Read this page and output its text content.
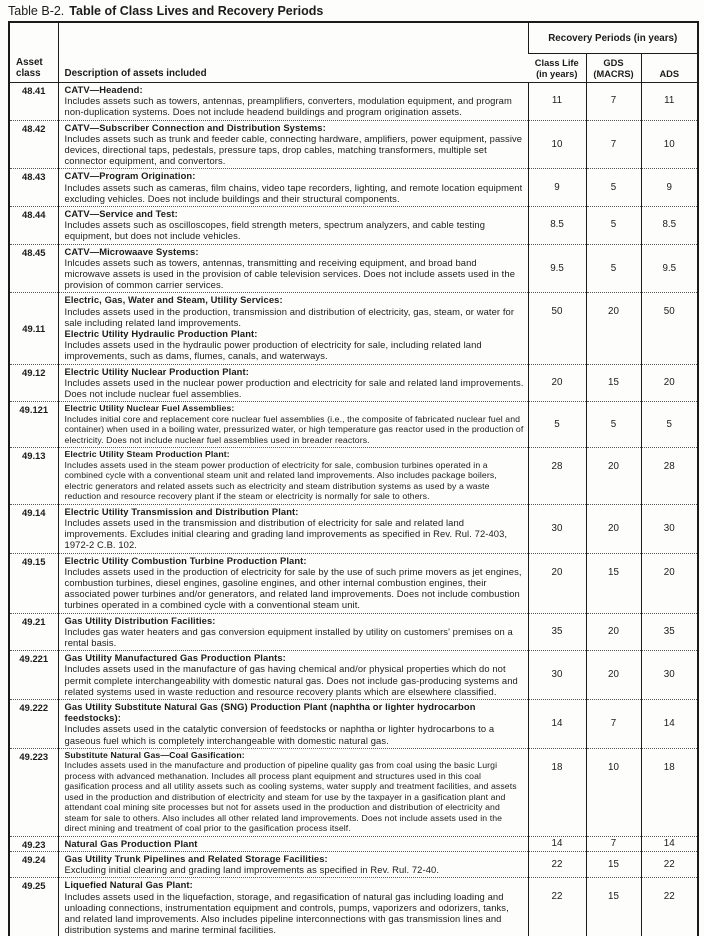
Table B-2. Table of Class Lives and Recovery Periods
Asset class	Description of assets included	Recovery Periods (in years)		
		Class Life (in years)	GDS (MACRS)	ADS
48.41	CATV—Headend:
Includes assets such as towers, antennas, preamplifiers, converters, modulation equipment, and program non-duplication systems. Does not include headend buildings and program origination assets.	11	7	11
48.42	CATV—Subscriber Connection and Distribution Systems:
Includes assets such as trunk and feeder cable, connecting hardware, amplifiers, power equipment, passive devices, directional taps, pedestals, pressure taps, drop cables, matching transformers, multiple set connector equipment, and convertors.	10	7	10
48.43	CATV—Program Origination:
Includes assets such as cameras, film chains, video tape recorders, lighting, and remote location equipment excluding vehicles. Does not include buildings and their structural components.	9	5	9
48.44	CATV—Service and Test:
Includes assets such as oscilloscopes, field strength meters, spectrum analyzers, and cable testing equipment, but does not include vehicles.	8.5	5	8.5
48.45	CATV—Microwaave Systems:
Inlcudes assets such as towers, antennas, transmitting and receiving equipment, and broad band microwave assets is used in the provision of cable television services. Does not include assets used in the provision of common carrier services.	9.5	5	9.5
49.11	Electric, Gas, Water and Steam, Utility Services:
Includes assets used in the production, transmission and distribution of electricity, gas, steam, or water for sale including related land improvements.
Electric Utility Hydraulic Production Plant:
Includes assets used in the hydraulic power production of electricity for sale, including related land improvements, such as dams, flumes, canals, and waterways.	50	20	50
49.12	Electric Utility Nuclear Production Plant:
Includes assets used in the nuclear power production and electricity for sale and related land improvements. Does not include nuclear fuel assemblies.	20	15	20
49.121	Electric Utility Nuclear Fuel Assemblies:
Includes initial core and replacement core nuclear fuel assemblies (i.e., the composite of fabricated nuclear fuel and container) when used in a boiling water, pressurized water, or high temperature gas reactor used in the production of electricity. Does not include nuclear fuel assemblies used in breader reactors.	5	5	5
49.13	Electric Utility Steam Production Plant:
Includes assets used in the steam power production of electricity for sale, combusion turbines operated in a combined cycle with a conventional steam unit and related land improvements. Also includes package boilers, electric generators and related assets such as electricity and steam distribution systems as used by a waste reduction and resource recovery plant if the steam or electricity is normally for sale to others.	28	20	28
49.14	Electric Utility Transmission and Distribution Plant:
Includes assets used in the transmission and distribution of electricity for sale and related land improvements. Excludes initial clearing and grading land improvements as specified in Rev. Rul. 72-403, 1972-2 C.B. 102.	30	20	30
49.15	Electric Utility Combustion Turbine Production Plant:
Includes assets used in the production of electricity for sale by the use of such prime movers as jet engines, combustion turbines, diesel engines, gasoline engines, and other internal combustion engines, their associated power turbines and/or generators, and related land improvements. Does not include combustion turbines operated in a combined cycle with a conventional steam unit.	20	15	20
49.21	Gas Utility Distribution Facilities:
Includes gas water heaters and gas conversion equipment installed by utility on customers' premises on a rental basis.	35	20	35
49.221	Gas Utility Manufactured Gas Production Plants:
Includes assets used in the manufacture of gas having chemical and/or physical properties which do not permit complete interchangeability with domestic natural gas. Does not include gas-producing systems and related systems used in waste reduction and resource recovery plants which are elsewhere classified.	30	20	30
49.222	Gas Utility Substitute Natural Gas (SNG) Production Plant (naphtha or lighter hydrocarbon feedstocks):
Includes assets used in the catalytic conversion of feedstocks or naphtha or lighter hydrocarbons to a gaseous fuel which is completely interchangeable with domestic natural gas.	14	7	14
49.223	Substitute Natural Gas—Coal Gasification:
Includes assets used in the manufacture and production of pipeline quality gas from coal using the basic Lurgi process with advanced methanation. Includes all process plant equipment and structures used in this coal gasification process and all utility assets such as cooling systems, water supply and treatment facilities, and assets used in the production and distribution of electricity and steam for use by the taxpayer in a gasification plant and attendant coal mining site processes but not for assets used in the production and distribution of electricity and steam for sale to others. Also includes all other related land improvements. Does not include assets used in the direct mining and treatment of coal prior to the gasification process itself.	18	10	18
49.23	Natural Gas Production Plant	14	7	14
49.24	Gas Utility Trunk Pipelines and Related Storage Facilities:
Excluding initial clearing and grading land improvements as specified in Rev. Rul. 72-40.	22	15	22
49.25	Liquefied Natural Gas Plant:
Includes assets used in the liquefaction, storage, and regasification of natural gas including loading and unloading connections, instrumentation equipment and controls, pumps, vaporizers and odorizers, tanks, and related land improvements. Also includes pipeline interconnections with gas transmission lines and distribution systems and marine terminal facilities.	22	15	22
